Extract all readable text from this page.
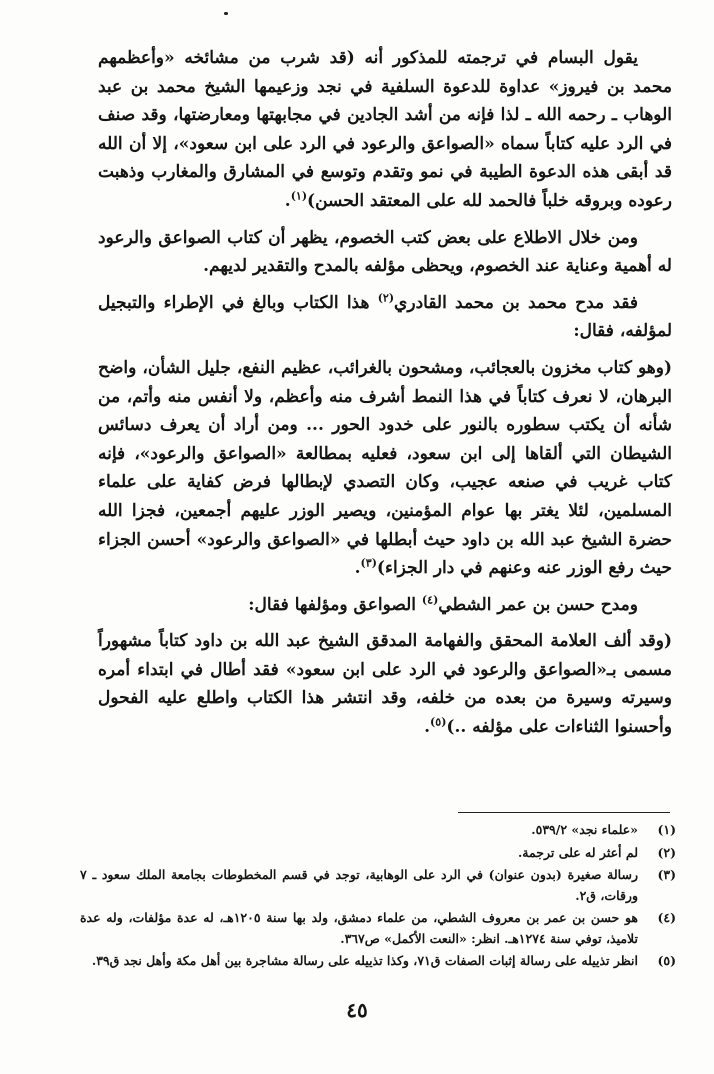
يقول البسام في ترجمته للمذكور أنه (قد شرب من مشائخه «وأعظمهم محمد بن فيروز» عداوة للدعوة السلفية في نجد وزعيمها الشيخ محمد بن عبد الوهاب ـ رحمه الله ـ لذا فإنه من أشد الجادين في مجابهتها ومعارضتها، وقد صنف في الرد عليه كتاباً سماه «الصواعق والرعود في الرد على ابن سعود»، إلا أن الله قد أبقى هذه الدعوة الطيبة في نمو وتقدم وتوسع في المشارق والمغارب وذهبت رعوده وبروقه خلباً فالحمد لله على المعتقد الحسن)$^{(١)}$.

ومن خلال الاطلاع على بعض كتب الخصوم، يظهر أن كتاب الصواعق والرعود له أهمية وعناية عند الخصوم، ويحظى مؤلفه بالمدح والتقدير لديهم.

فقد مدح محمد بن محمد القادري$^{(٢)}$ هذا الكتاب وبالغ في الإطراء والتبجيل لمؤلفه، فقال:

(وهو كتاب مخزون بالعجائب، ومشحون بالغرائب، عظيم النفع، جليل الشأن، واضح البرهان، لا نعرف كتاباً في هذا النمط أشرف منه وأعظم، ولا أنفس منه وأتم، من شأنه أن يكتب سطوره بالنور على خدود الحور ... ومن أراد أن يعرف دسائس الشيطان التي ألقاها إلى ابن سعود، فعليه بمطالعة «الصواعق والرعود»، فإنه كتاب غريب في صنعه عجيب، وكان التصدي لإبطالها فرض كفاية على علماء المسلمين، لئلا يغتر بها عوام المؤمنين، ويصير الوزر عليهم أجمعين، فجزا الله حضرة الشيخ عبد الله بن داود حيث أبطلها في «الصواعق والرعود» أحسن الجزاء حيث رفع الوزر عنه وعنهم في دار الجزاء)$^{(٣)}$.

ومدح حسن بن عمر الشطي$^{(٤)}$ الصواعق ومؤلفها فقال:

(وقد ألف العلامة المحقق والفهامة المدقق الشيخ عبد الله بن داود كتاباً مشهوراً مسمى بـ«الصواعق والرعود في الرد على ابن سعود» فقد أطال في ابتداء أمره وسيرته وسيرة من بعده من خلفه، وقد انتشر هذا الكتاب واطلع عليه الفحول وأحسنوا الثناءات على مؤلفه ..)$^{(٥)}$.

(١)
«علماء نجد» ٥٣٩/٢.
(٢)
لم أعثر له على ترجمة.
(٣)
رسالة صغيرة (بدون عنوان) في الرد على الوهابية، توجد في قسم المخطوطات بجامعة الملك سعود ـ ٧ ورقات، ق٢.
(٤)
هو حسن بن عمر بن معروف الشطي، من علماء دمشق، ولد بها سنة ١٢٠٥هـ، له عدة مؤلفات، وله عدة تلاميذ، توفي سنة ١٢٧٤هـ. انظر: «النعت الأكمل» ص٣٦٧.
(٥)
انظر تذييله على رسالة إثبات الصفات ق٧١، وكذا تذييله على رسالة مشاجرة بين أهل مكة وأهل نجد ق٣٩.
٤٥
